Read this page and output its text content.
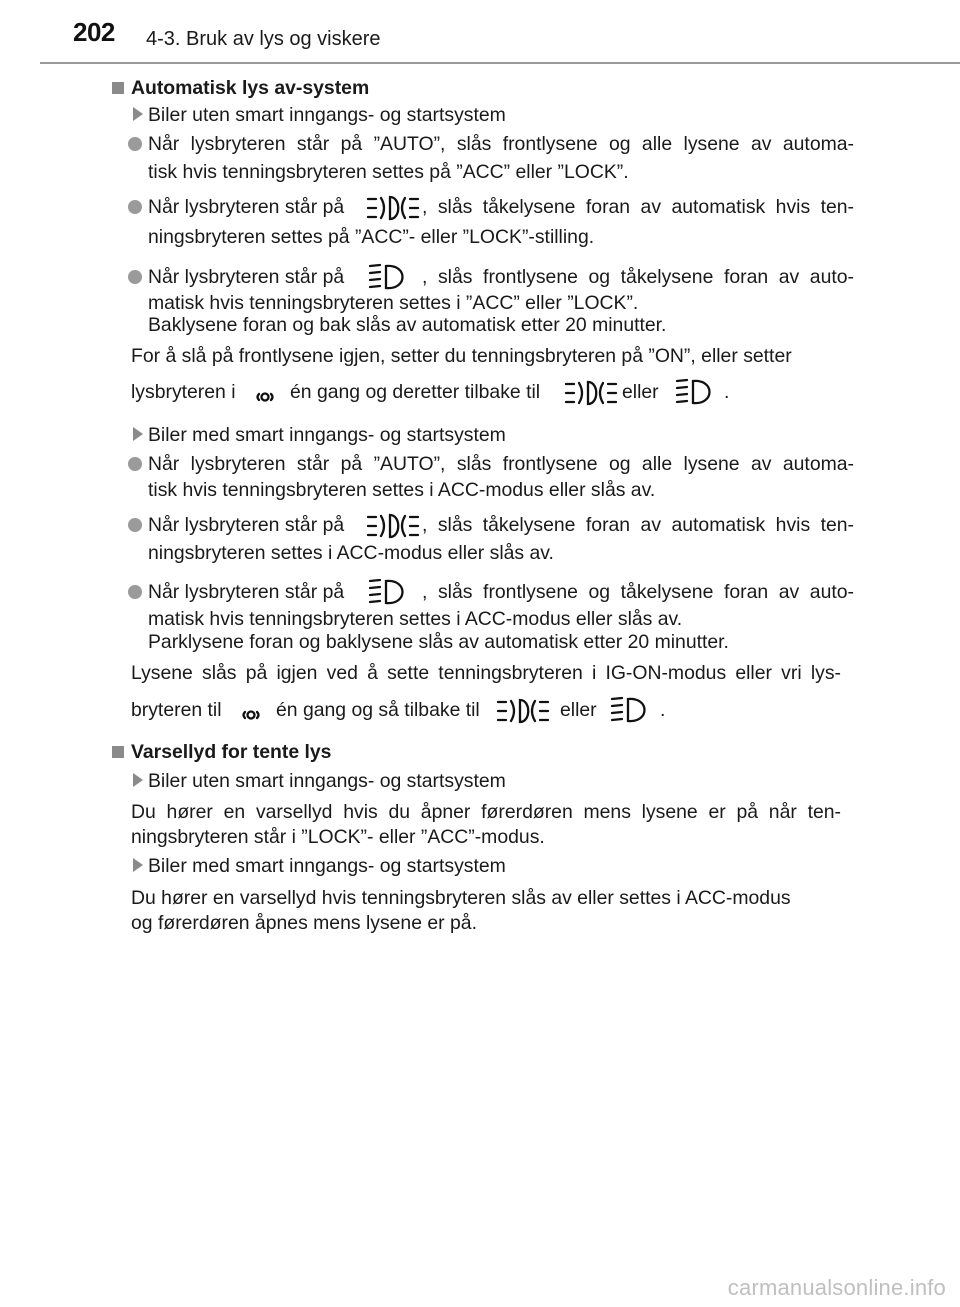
202 4-3. Bruk av lys og viskere
Automatisk lys av-system
Biler uten smart inngangs- og startsystem
Når lysbryteren står på ”AUTO”, slås frontlysene og alle lysene av automa-
tisk hvis tenningsbryteren settes på ”ACC” eller ”LOCK”.
Når lysbryteren står på	, slås tåkelysene foran av automatisk hvis ten-
ningsbryteren settes på ”ACC”- eller ”LOCK”-stilling.
Når lysbryteren står på	, slås frontlysene og tåkelysene foran av auto-
matisk hvis tenningsbryteren settes i ”ACC” eller ”LOCK”.
Baklysene foran og bak slås av automatisk etter 20 minutter.
For å slå på frontlysene igjen, setter du tenningsbryteren på ”ON”, eller setter
lysbryteren i	én gang og deretter tilbake til	eller	.
Biler med smart inngangs- og startsystem
Når lysbryteren står på ”AUTO”, slås frontlysene og alle lysene av automa-
tisk hvis tenningsbryteren settes i ACC-modus eller slås av.
Når lysbryteren står på	, slås tåkelysene foran av automatisk hvis ten-
ningsbryteren settes i ACC-modus eller slås av.
Når lysbryteren står på	, slås frontlysene og tåkelysene foran av auto-
matisk hvis tenningsbryteren settes i ACC-modus eller slås av.
Parklysene foran og baklysene slås av automatisk etter 20 minutter.
Lysene slås på igjen ved å sette tenningsbryteren i IG-ON-modus eller vri lys-
bryteren til	én gang og så tilbake til	eller	.
Varsellyd for tente lys
Biler uten smart inngangs- og startsystem
Du hører en varsellyd hvis du åpner førerdøren mens lysene er på når ten-
ningsbryteren står i ”LOCK”- eller ”ACC”-modus.
Biler med smart inngangs- og startsystem
Du hører en varsellyd hvis tenningsbryteren slås av eller settes i ACC-modus
og førerdøren åpnes mens lysene er på.
carmanualsonline.info
